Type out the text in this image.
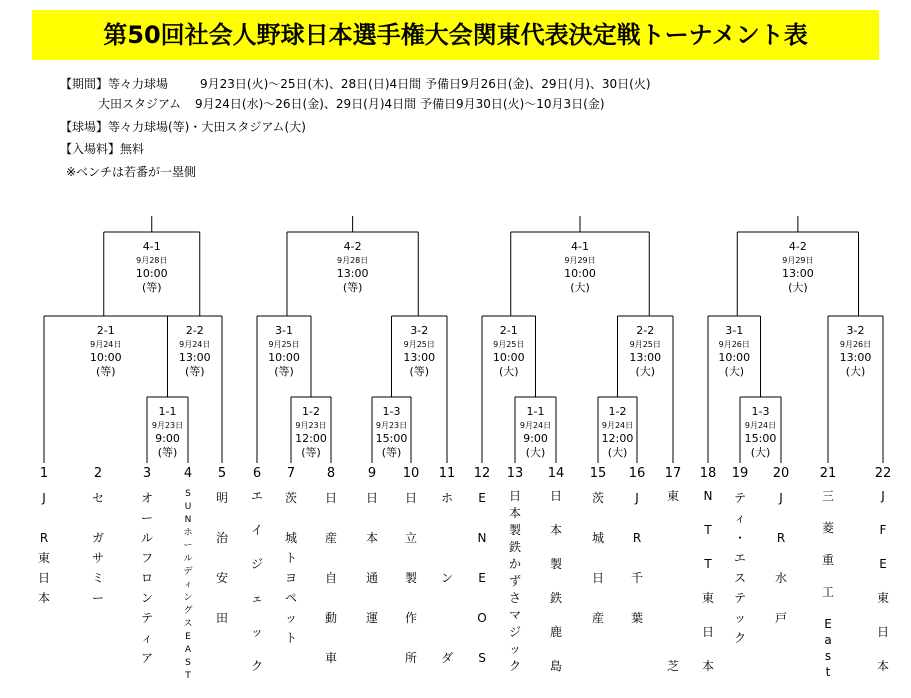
第50回社会人野球日本選手権大会関東代表決定戦トーナメント表
【期間】等々力球場	9月23日(火)～25日(木)、28日(日)4日間 予備日9月26日(金)、29日(月)、30日(火)
大田スタジアム 9月24日(水)～26日(金)、29日(月)4日間 予備日9月30日(火)～10月3日(金)
【球場】等々力球場(等)・大田スタジアム(大)
【入場料】無料
※ベンチは若番が一塁側
4-1
9月28日
10:00
(等)
4-2
9月28日
13:00
(等)
4-1
9月29日
10:00
(大)
4-2
9月29日
13:00
(大)
2-1
9月24日
10:00
(等)
2-2
9月24日
13:00
(等)
3-1
9月25日
10:00
(等)
3-2
9月25日
13:00
(等)
2-1
9月25日
10:00
(大)
2-2
9月25日
13:00
(大)
3-1
9月26日
10:00
(大)
3-2
9月26日
13:00
(大)
1-1
9月23日
9:00
(等)
1-2
9月23日
12:00
(等)
1-3
9月23日
15:00
(等)
1-1
9月24日
9:00
(大)
1-2
9月24日
12:00
(大)
1-3
9月24日
15:00
(大)
1
J

R
東
日
本
2
セ

ガ
サ
ミ
ー
3
オ
ー
ル
フ
ロ
ン
テ
ィ
ア
4
S
U
N
ホ
ー
ル
デ
ィ
ン
グ
ス
E
A
S
T
5
明

治

安

田
6
エ

イ

ジ

ェ

ッ

ク
7
茨

城
ト
ヨ
ペ
ッ
ト
8
日

産

自

動

車
9
日

本

通

運
10
日

立

製

作

所
11
ホ

ン

ダ
12
E

N

E

O

S
13
日
本
製
鉄
か
ず
さ
マ
ジ
ッ
ク
14
日

本

製

鉄

鹿

島
15
茨

城

日

産
16
J

R

千

葉
17
東

芝
18
N

T

T

東

日

本
19
テ
ィ
・
エ
ス
テ
ッ
ク
20
J

R

水

戸
21
三

菱

重

工

E
a
s
t
22
J

F

E

東

日

本
